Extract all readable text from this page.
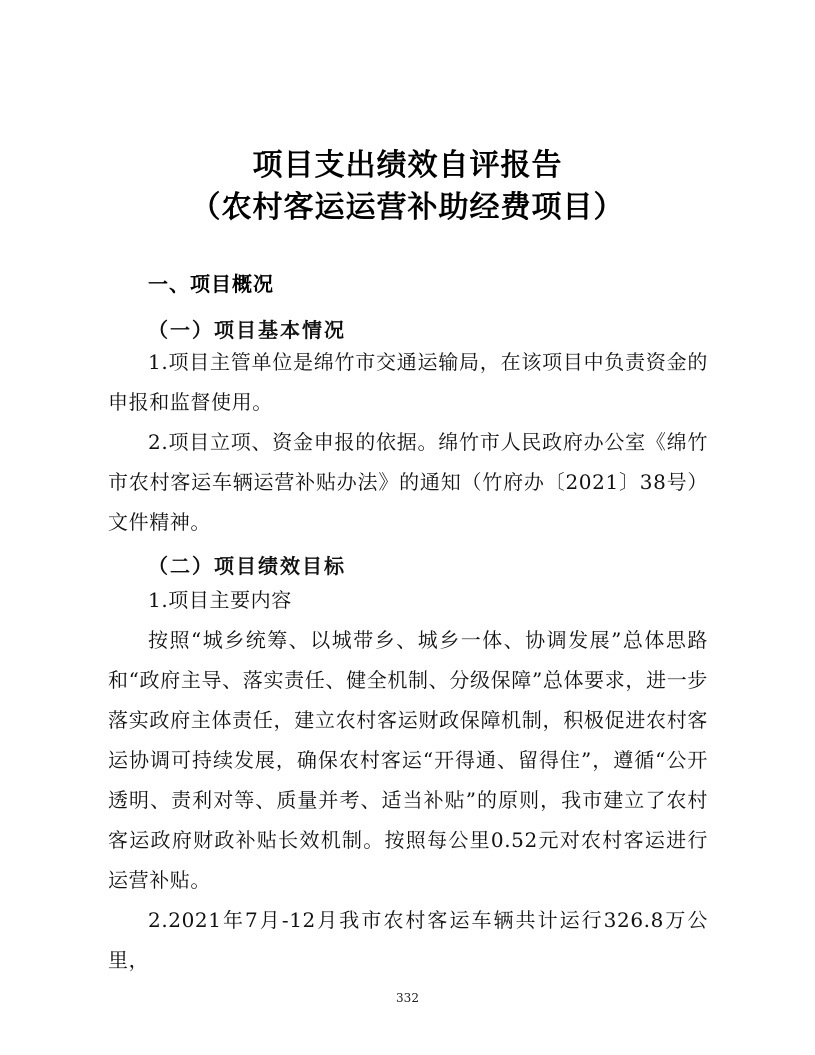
项目支出绩效自评报告
（农村客运运营补助经费项目）
一、项目概况
（一）项目基本情况

1.项目主管单位是绵竹市交通运输局，在该项目中负责资金的申报和监督使用。

2.项目立项、资金申报的依据。绵竹市人民政府办公室《绵竹市农村客运车辆运营补贴办法》的通知（竹府办〔2021〕38号）文件精神。

（二）项目绩效目标

1.项目主要内容

按照“城乡统筹、以城带乡、城乡一体、协调发展”总体思路和“政府主导、落实责任、健全机制、分级保障”总体要求，进一步落实政府主体责任，建立农村客运财政保障机制，积极促进农村客运协调可持续发展，确保农村客运“开得通、留得住”，遵循“公开透明、责利对等、质量并考、适当补贴”的原则，我市建立了农村客运政府财政补贴长效机制。按照每公里0.52元对农村客运进行运营补贴。

2.2021年7月-12月我市农村客运车辆共计运行326.8万公里，

332
